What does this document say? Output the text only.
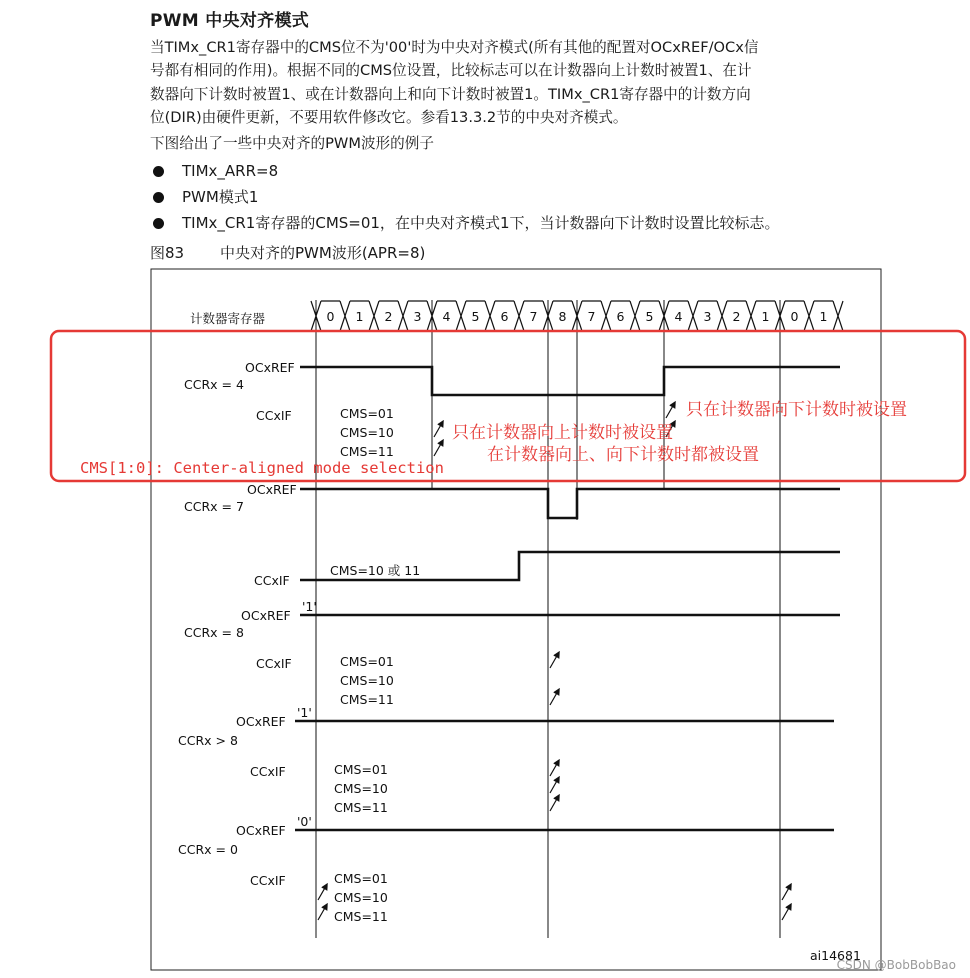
PWM 中央对齐模式

当TIMx_CR1寄存器中的CMS位不为'00'时为中央对齐模式(所有其他的配置对OCxREF/OCx信

号都有相同的作用)。根据不同的CMS位设置，比较标志可以在计数器向上计数时被置1、在计

数器向下计数时被置1、或在计数器向上和向下计数时被置1。TIMx_CR1寄存器中的计数方向

位(DIR)由硬件更新，不要用软件修改它。参看13.3.2节的中央对齐模式。

下图给出了一些中央对齐的PWM波形的例子

TIMx_ARR=8
PWM模式1
TIMx_CR1寄存器的CMS=01，在中央对齐模式1下，当计数器向下计数时设置比较标志。
图83 中央对齐的PWM波形(APR=8)
计数器寄存器	0 1 2 3 4 5 6 7 8 7 6 5 4 3 2 1 0 1
OCxREF
CCRx = 4
CCxIF	CMS=01
CMS=10
CMS=11
只在计数器向下计数时被设置
只在计数器向上计数时被设置
在计数器向上、向下计数时都被设置
CMS[1:0]: Center-aligned mode selection
OCxREF
CCRx = 7
CCxIF
CMS=10 或 11
'1'
OCxREF
CCRx = 8
CCxIF	CMS=01
CMS=10
CMS=11
'1'
OCxREF
CCRx > 8
CCxIF	CMS=01
CMS=10
CMS=11
'0'
OCxREF
CCRx = 0
CCxIF	CMS=01
CMS=10
CMS=11
ai14681
CSDN @BobBobBao
